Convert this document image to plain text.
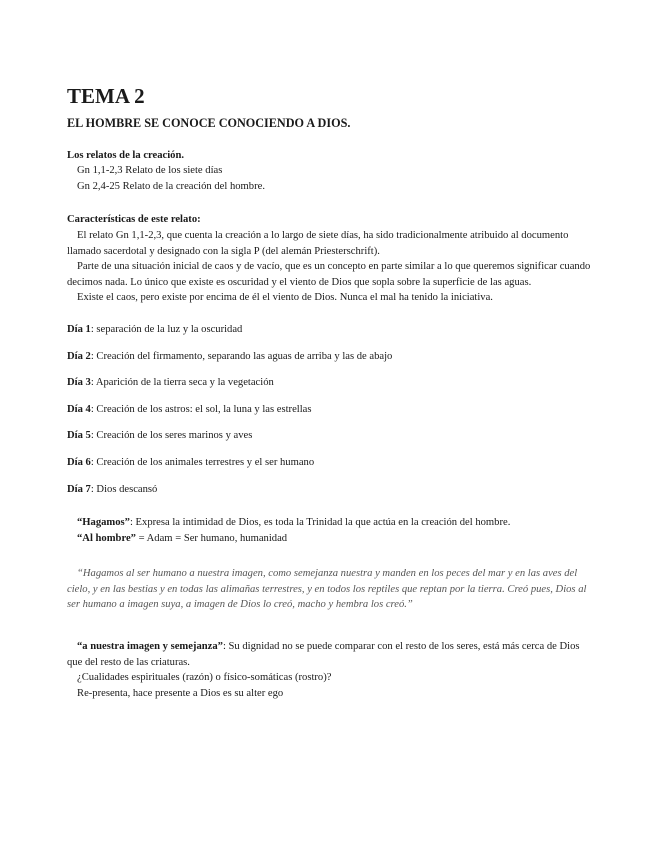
TEMA 2

EL HOMBRE SE CONOCE CONOCIENDO A DIOS.

Los relatos de la creación.

Gn 1,1-2,3 Relato de los siete días

Gn 2,4-25 Relato de la creación del hombre.

Características de este relato:

El relato Gn 1,1-2,3, que cuenta la creación a lo largo de siete días, ha sido tradicionalmente atribuido al documento llamado sacerdotal y designado con la sigla P (del alemán Priesterschrift).

Parte de una situación inicial de caos y de vacío, que es un concepto en parte similar a lo que queremos significar cuando decimos nada. Lo único que existe es oscuridad y el viento de Dios que sopla sobre la superficie de las aguas.

Existe el caos, pero existe por encima de él el viento de Dios. Nunca el mal ha tenido la iniciativa.

Día 1: separación de la luz y la oscuridad

Día 2: Creación del firmamento, separando las aguas de arriba y las de abajo

Día 3: Aparición de la tierra seca y la vegetación

Día 4: Creación de los astros: el sol, la luna y las estrellas

Día 5: Creación de los seres marinos y aves

Día 6: Creación de los animales terrestres y el ser humano

Día 7: Dios descansó

“Hagamos”: Expresa la intimidad de Dios, es toda la Trinidad la que actúa en la creación del hombre.

“Al hombre” = Adam = Ser humano, humanidad

“Hagamos al ser humano a nuestra imagen, como semejanza nuestra y manden en los peces del mar y en las aves del cielo, y en las bestias y en todas las alimañas terrestres, y en todos los reptiles que reptan por la tierra. Creó pues, Dios al ser humano a imagen suya, a imagen de Dios lo creó, macho y hembra los creó.”

“a nuestra imagen y semejanza”: Su dignidad no se puede comparar con el resto de los seres, está más cerca de Dios que del resto de las criaturas.

¿Cualidades espirituales (razón) o físico-somáticas (rostro)?

Re-presenta, hace presente a Dios es su alter ego
